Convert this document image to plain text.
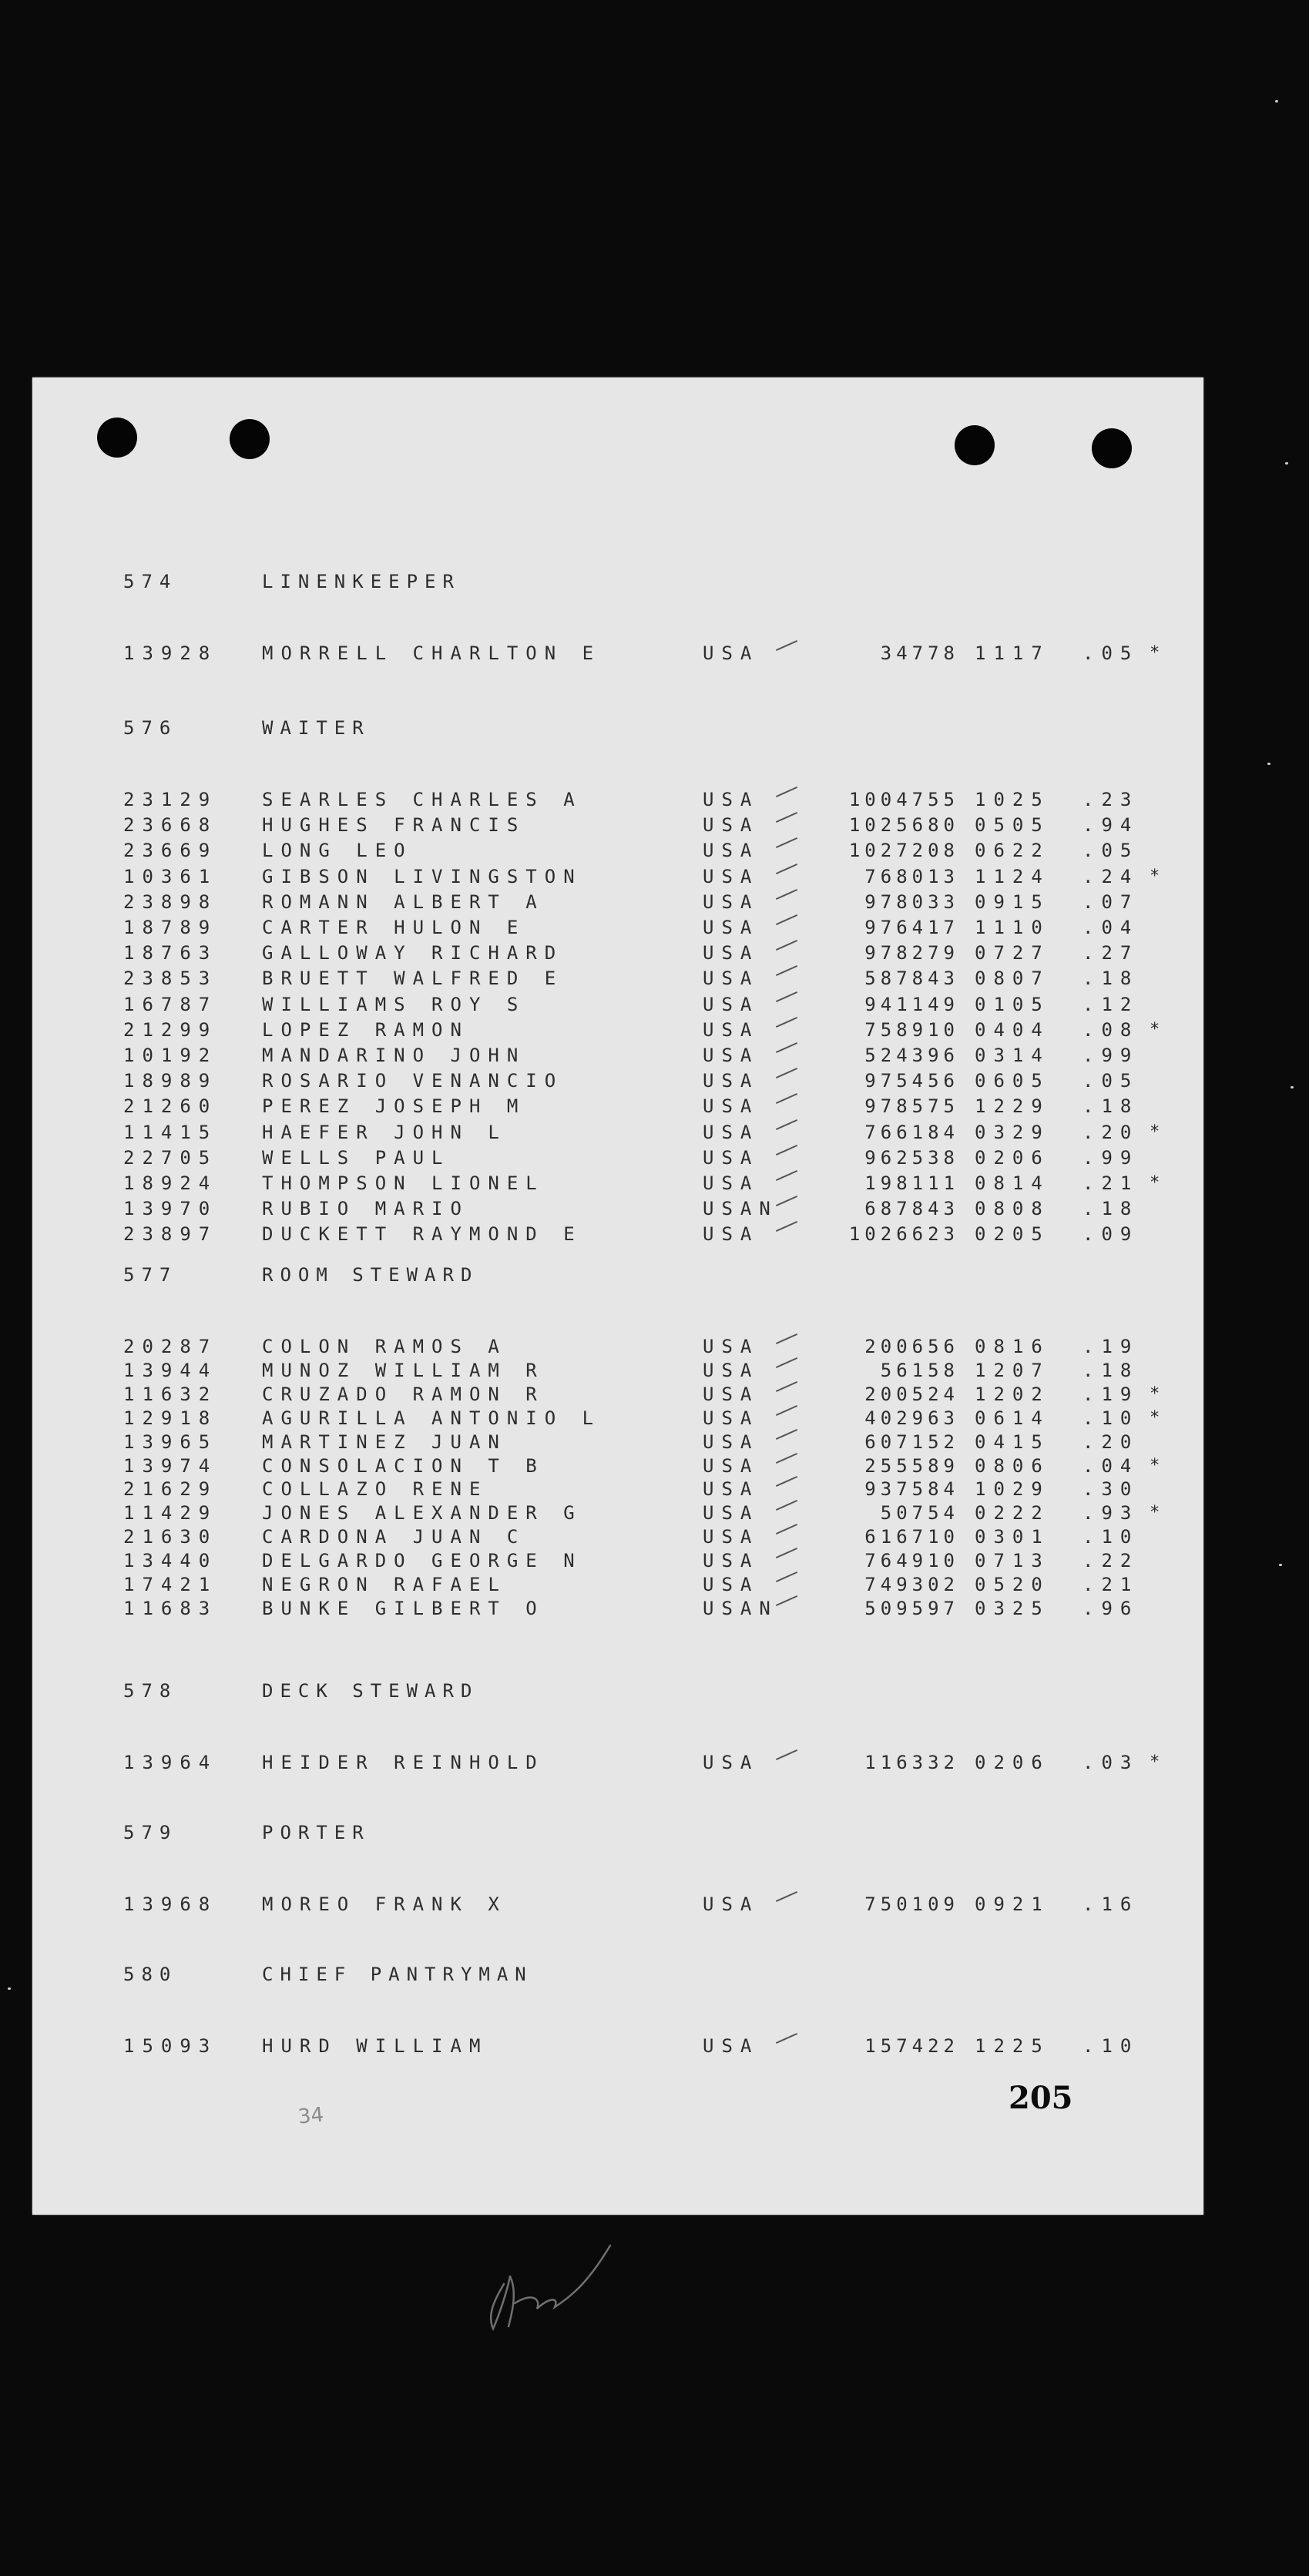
574	LINENKEEPER
13928 MORRELL CHARLTON E	USA	34778 1117 .05 *
576	WAITER
23129 SEARLES CHARLES A	USA	1004755 1025 .23
23668 HUGHES FRANCIS	USA	1025680 0505 .94
23669 LONG LEO	USA	1027208 0622 .05
10361 GIBSON LIVINGSTON	USA	768013 1124 .24 *
23898 ROMANN ALBERT A	USA	978033 0915 .07
18789 CARTER HULON E	USA	976417 1110 .04
18763 GALLOWAY RICHARD	USA	978279 0727 .27
23853 BRUETT WALFRED E	USA	587843 0807 .18
16787 WILLIAMS ROY S	USA	941149 0105 .12
21299 LOPEZ RAMON	USA	758910 0404 .08 *
10192 MANDARINO JOHN	USA	524396 0314 .99
18989 ROSARIO VENANCIO	USA	975456 0605 .05
21260 PEREZ JOSEPH M	USA	978575 1229 .18
11415 HAEFER JOHN L	USA	766184 0329 .20 *
22705 WELLS PAUL	USA	962538 0206 .99
18924 THOMPSON LIONEL	USA	198111 0814 .21 *
13970 RUBIO MARIO	USAN	687843 0808 .18
23897 DUCKETT RAYMOND E	USA	1026623 0205 .09
577	ROOM STEWARD
20287 COLON RAMOS A	USA	200656 0816 .19
13944 MUNOZ WILLIAM R	USA	56158 1207 .18
11632 CRUZADO RAMON R	USA	200524 1202 .19 *
12918 AGURILLA ANTONIO L	USA	402963 0614 .10 *
13965 MARTINEZ JUAN	USA	607152 0415 .20
13974 CONSOLACION T B	USA	255589 0806 .04 *
21629 COLLAZO RENE	USA	937584 1029 .30
11429 JONES ALEXANDER G	USA	50754 0222 .93 *
21630 CARDONA JUAN C	USA	616710 0301 .10
13440 DELGARDO GEORGE N	USA	764910 0713 .22
17421 NEGRON RAFAEL	USA	749302 0520 .21
11683 BUNKE GILBERT O	USAN	509597 0325 .96
578	DECK STEWARD
13964 HEIDER REINHOLD	USA	116332 0206 .03 *
579	PORTER
13968 MOREO FRANK X	USA	750109 0921 .16
580	CHIEF PANTRYMAN
15093 HURD WILLIAM	USA	157422 1225 .10
34	205
